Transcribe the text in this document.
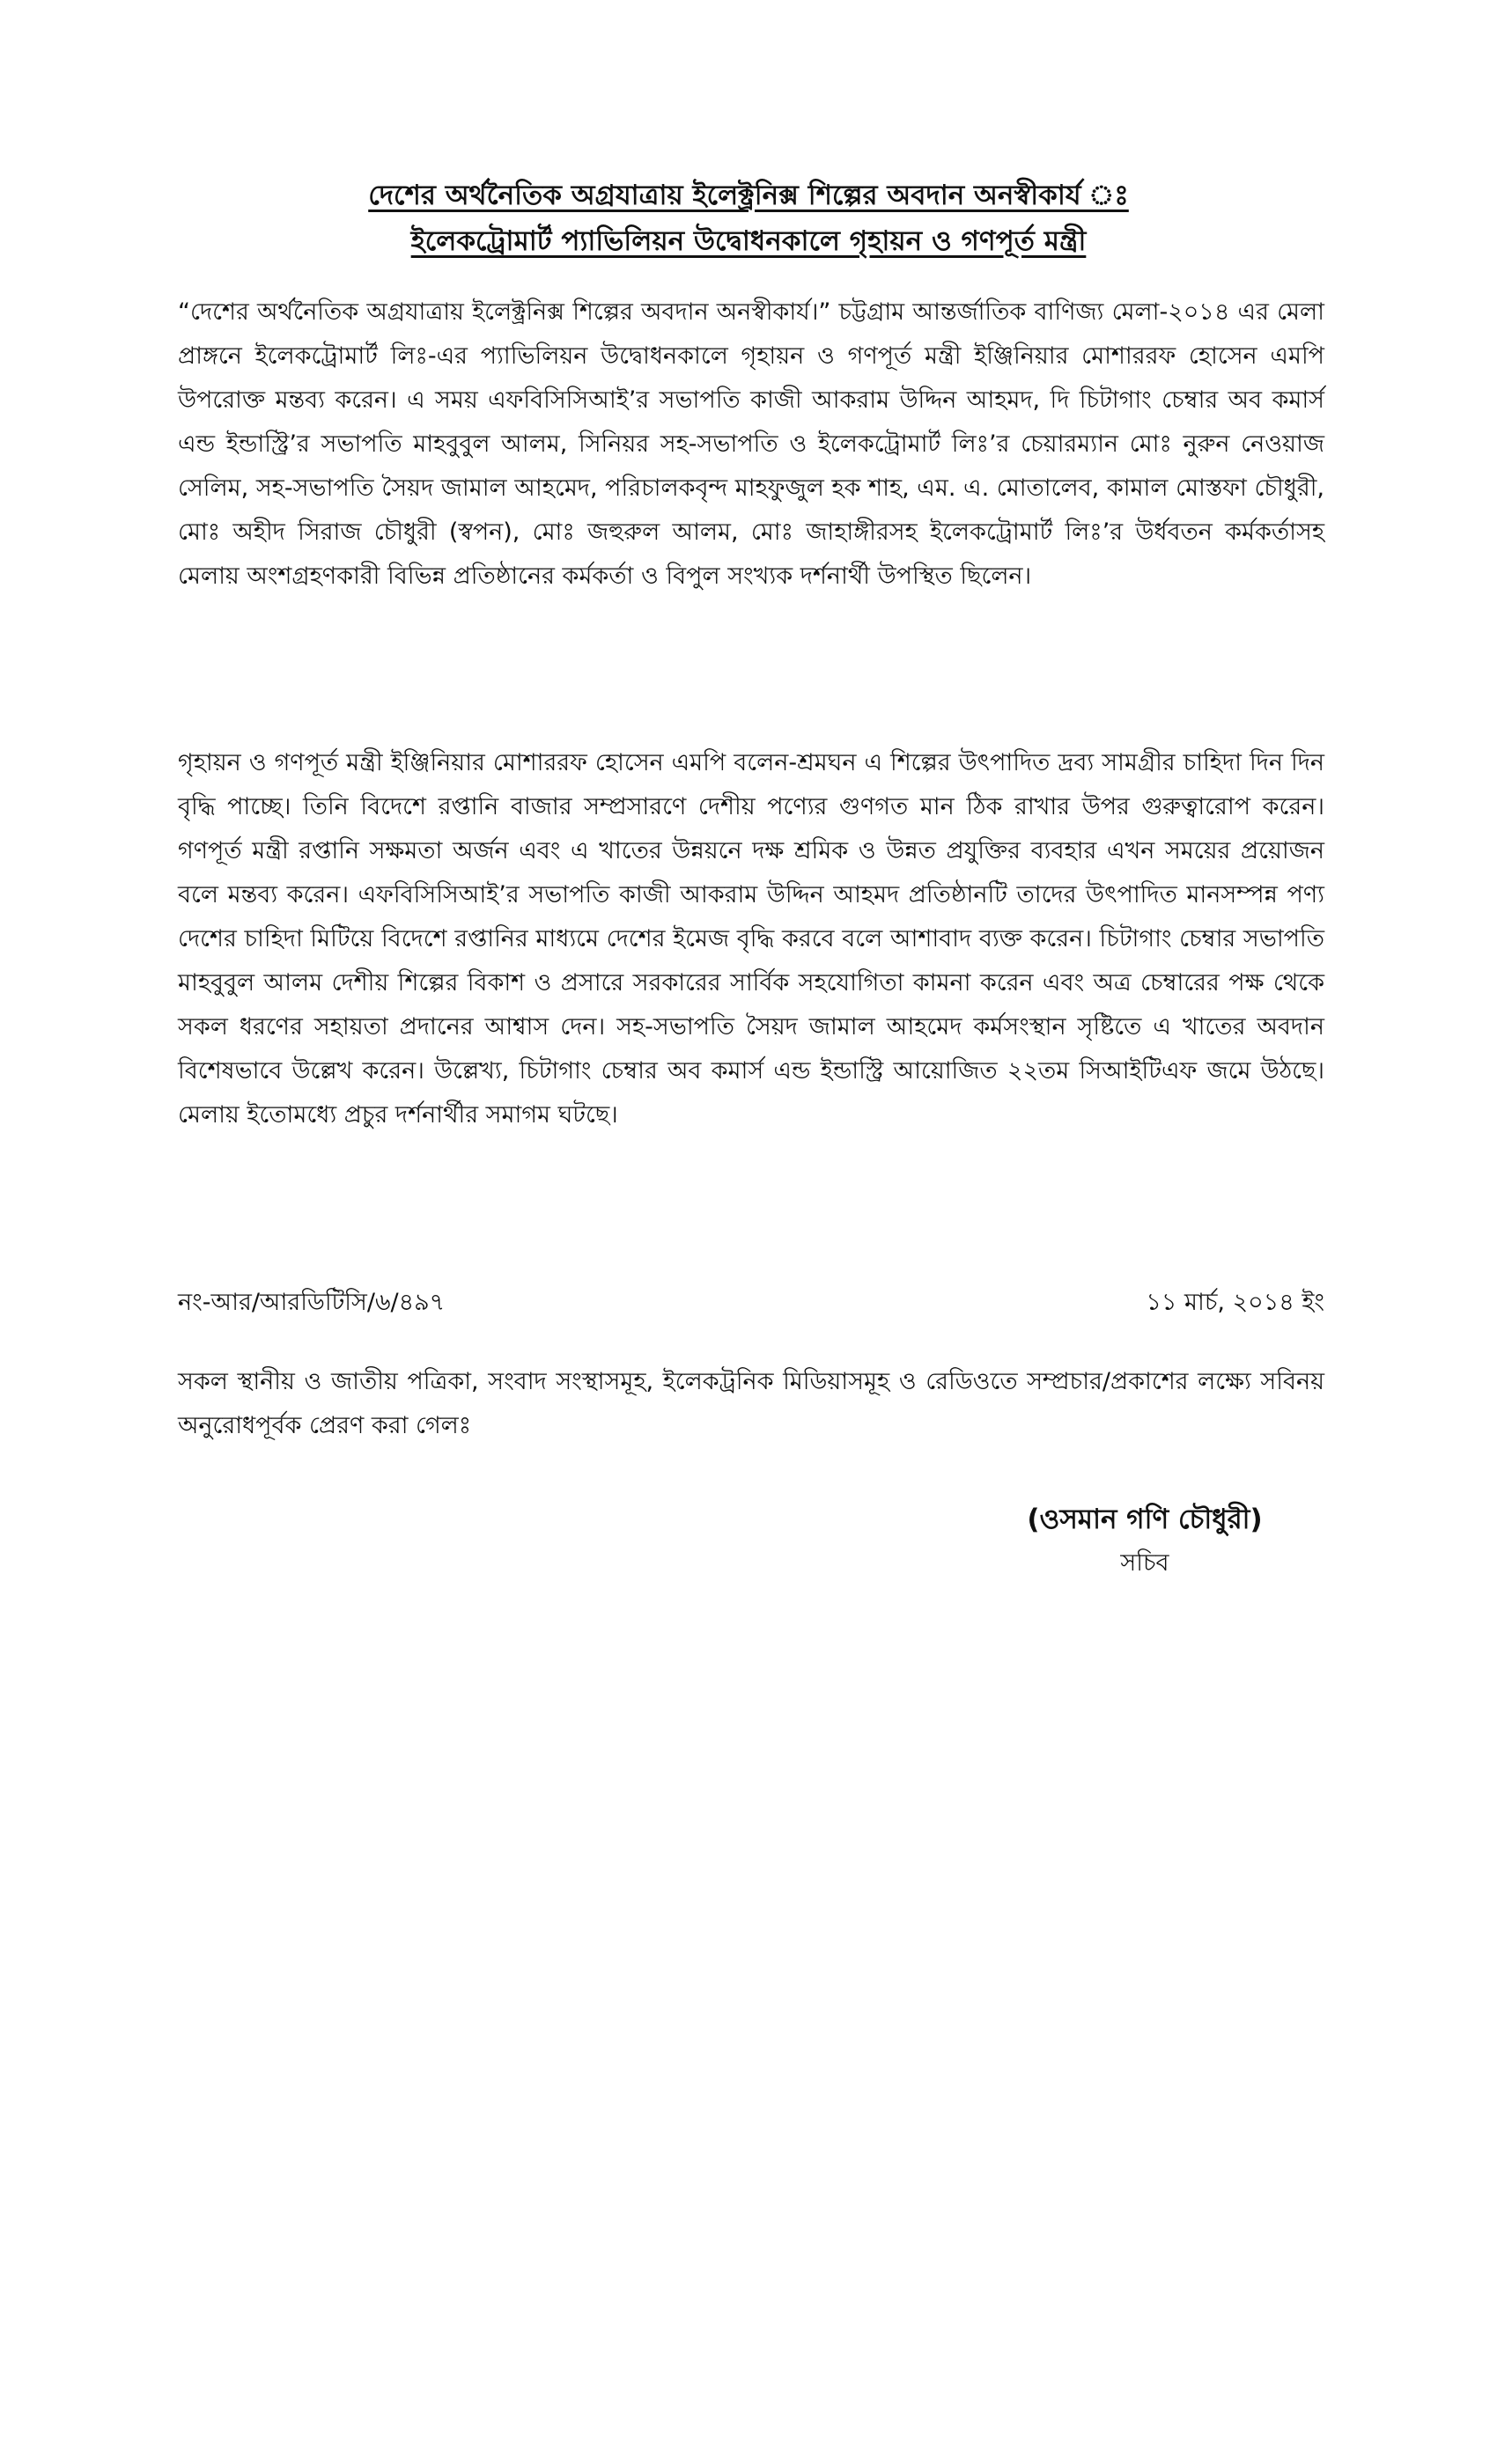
দেশের অর্থনৈতিক অগ্রযাত্রায় ইলেক্ট্রনিক্স শিল্পের অবদান অনস্বীকার্য ঃ

ইলেকট্রোমার্ট প্যাভিলিয়ন উদ্বোধনকালে গৃহায়ন ও গণপূর্ত মন্ত্রী

“দেশের অর্থনৈতিক অগ্রযাত্রায় ইলেক্ট্রনিক্স শিল্পের অবদান অনস্বীকার্য।” চট্টগ্রাম আন্তর্জাতিক বাণিজ্য মেলা-২০১৪ এর মেলা প্রাঙ্গনে ইলেকট্রোমার্ট লিঃ-এর প্যাভিলিয়ন উদ্বোধনকালে গৃহায়ন ও গণপূর্ত মন্ত্রী ইঞ্জিনিয়ার মোশাররফ হোসেন এমপি উপরোক্ত মন্তব্য করেন। এ সময় এফবিসিসিআই’র সভাপতি কাজী আকরাম উদ্দিন আহমদ, দি চিটাগাং চেম্বার অব কমার্স এন্ড ইন্ডাস্ট্রি’র সভাপতি মাহবুবুল আলম, সিনিয়র সহ-সভাপতি ও ইলেকট্রোমার্ট লিঃ’র চেয়ারম্যান মোঃ নুরুন নেওয়াজ সেলিম, সহ-সভাপতি সৈয়দ জামাল আহমেদ, পরিচালকবৃন্দ মাহফুজুল হক শাহ, এম. এ. মোতালেব, কামাল মোস্তফা চৌধুরী, মোঃ অহীদ সিরাজ চৌধুরী (স্বপন), মোঃ জহুরুল আলম, মোঃ জাহাঙ্গীরসহ ইলেকট্রোমার্ট লিঃ’র উর্ধবতন কর্মকর্তাসহ মেলায় অংশগ্রহণকারী বিভিন্ন প্রতিষ্ঠানের কর্মকর্তা ও বিপুল সংখ্যক দর্শনার্থী উপস্থিত ছিলেন।

গৃহায়ন ও গণপূর্ত মন্ত্রী ইঞ্জিনিয়ার মোশাররফ হোসেন এমপি বলেন-শ্রমঘন এ শিল্পের উৎপাদিত দ্রব্য সামগ্রীর চাহিদা দিন দিন বৃদ্ধি পাচ্ছে। তিনি বিদেশে রপ্তানি বাজার সম্প্রসারণে দেশীয় পণ্যের গুণগত মান ঠিক রাখার উপর গুরুত্বারোপ করেন। গণপূর্ত মন্ত্রী রপ্তানি সক্ষমতা অর্জন এবং এ খাতের উন্নয়নে দক্ষ শ্রমিক ও উন্নত প্রযুক্তির ব্যবহার এখন সময়ের প্রয়োজন বলে মন্তব্য করেন। এফবিসিসিআই’র সভাপতি কাজী আকরাম উদ্দিন আহমদ প্রতিষ্ঠানটি তাদের উৎপাদিত মানসম্পন্ন পণ্য দেশের চাহিদা মিটিয়ে বিদেশে রপ্তানির মাধ্যমে দেশের ইমেজ বৃদ্ধি করবে বলে আশাবাদ ব্যক্ত করেন। চিটাগাং চেম্বার সভাপতি মাহবুবুল আলম দেশীয় শিল্পের বিকাশ ও প্রসারে সরকারের সার্বিক সহযোগিতা কামনা করেন এবং অত্র চেম্বারের পক্ষ থেকে সকল ধরণের সহায়তা প্রদানের আশ্বাস দেন। সহ-সভাপতি সৈয়দ জামাল আহমেদ কর্মসংস্থান সৃষ্টিতে এ খাতের অবদান বিশেষভাবে উল্লেখ করেন। উল্লেখ্য, চিটাগাং চেম্বার অব কমার্স এন্ড ইন্ডাস্ট্রি আয়োজিত ২২তম সিআইটিএফ জমে উঠছে। মেলায় ইতোমধ্যে প্রচুর দর্শনার্থীর সমাগম ঘটছে।

নং-আর/আরডিটিসি/৬/৪৯৭	১১ মার্চ, ২০১৪ ইং

সকল স্থানীয় ও জাতীয় পত্রিকা, সংবাদ সংস্থাসমূহ, ইলেকট্রনিক মিডিয়াসমূহ ও রেডিওতে সম্প্রচার/প্রকাশের লক্ষ্যে সবিনয় অনুরোধপূর্বক প্রেরণ করা গেলঃ

(ওসমান গণি চৌধুরী)

সচিব
